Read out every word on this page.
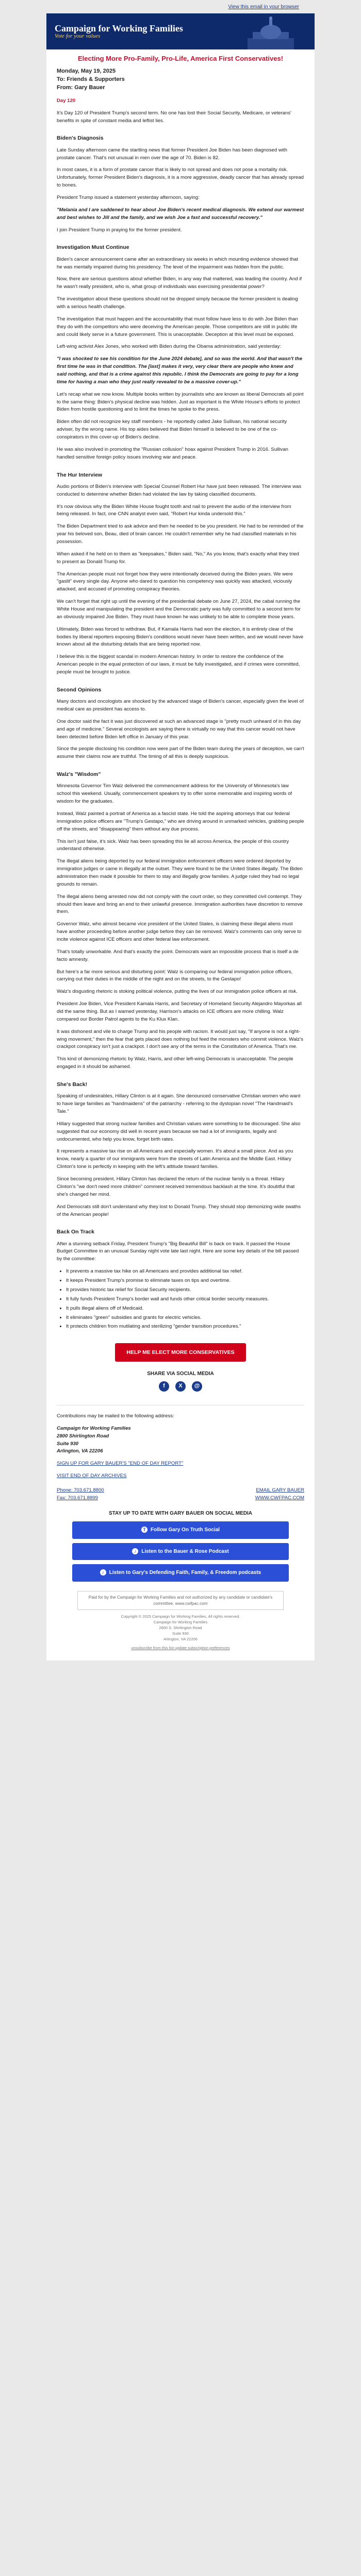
View this email in your browser
Campaign for Working Families
Vote for your values
Electing More Pro-Family, Pro-Life, America First Conservatives!
Monday, May 19, 2025
To: Friends & Supporters
From: Gary Bauer

Day 120

It's Day 120 of President Trump's second term. No one has lost their Social Security, Medicare, or veterans' benefits in spite of constant media and leftist lies.

Biden's Diagnosis

Late Sunday afternoon came the startling news that former President Joe Biden has been diagnosed with prostate cancer. That's not unusual in men over the age of 70. Biden is 82.

In most cases, it is a form of prostate cancer that is likely to not spread and does not pose a mortality risk. Unfortunately, former President Biden's diagnosis, it is a more aggressive, deadly cancer that has already spread to bones.

President Trump issued a statement yesterday afternoon, saying:

"Melania and I are saddened to hear about Joe Biden's recent medical diagnosis. We extend our warmest and best wishes to Jill and the family, and we wish Joe a fast and successful recovery."

I join President Trump in praying for the former president.

Investigation Must Continue

Biden's cancer announcement came after an extraordinary six weeks in which mounting evidence showed that he was mentally impaired during his presidency. The level of the impairment was hidden from the public.

Now, there are serious questions about whether Biden, in any way that mattered, was leading the country. And if he wasn't really president, who is, what group of individuals was exercising presidential power?

The investigation about these questions should not be dropped simply because the former president is dealing with a serious health challenge.

The investigation that must happen and the accountability that must follow have less to do with Joe Biden than they do with the competitors who were deceiving the American people. Those competitors are still in public life and could likely serve in a future government. This is unacceptable. Deception at this level must be exposed.

Left-wing activist Alex Jones, who worked with Biden during the Obama administration, said yesterday:

"I was shocked to see his condition for the June 2024 debate], and so was the world. And that wasn't the first time he was in that condition. The [last] makes it very, very clear there are people who knew and said nothing, and that is a crime against this republic. I think the Democrats are going to pay for a long time for having a man who they just really revealed to be a massive cover-up."

Let's recap what we now know. Multiple books written by journalists who are known as liberal Democrats all point to the same thing: Biden's physical decline was hidden. Just as important is the White House's efforts to protect Biden from hostile questioning and to limit the times he spoke to the press.

Biden often did not recognize key staff members - he reportedly called Jake Sullivan, his national security adviser, by the wrong name. His top aides believed that Biden himself is believed to be one of the co-conspirators in this cover-up of Biden's decline.

He was also involved in promoting the "Russian collusion" hoax against President Trump in 2016. Sullivan handled sensitive foreign policy issues involving war and peace.

The Hur Interview

Audio portions of Biden's interview with Special Counsel Robert Hur have just been released. The interview was conducted to determine whether Biden had violated the law by taking classified documents.

It's now obvious why the Biden White House fought tooth and nail to prevent the audio of the interview from being released. In fact, one CNN analyst even said, "Robert Hur kinda undersold this."

The Biden Department tried to ask advice and then he needed to be you president. He had to be reminded of the year his beloved son, Beau, died of brain cancer. He couldn't remember why he had classified materials in his possession.

When asked if he held on to them as "keepsakes," Biden said, "No," As you know, that's exactly what they tried to present as Donald Trump for.

The American people must not forget how they were intentionally deceived during the Biden years. We were "gaslit" every single day. Anyone who dared to question his competency was quickly was attacked, viciously attacked, and accused of promoting conspiracy theories.

We can't forget that right up until the evening of the presidential debate on June 27, 2024, the cabal running the White House and manipulating the president and the Democratic party was fully committed to a second term for an obviously impaired Joe Biden. They must have known he was unlikely to be able to complete those years.

Ultimately, Biden was forced to withdraw. But, if Kamala Harris had won the election, it is entirely clear of the bodies by liberal reporters exposing Biden's conditions would never have been written, and we would never have known about all the disturbing details that are being reported now.

I believe this is the biggest scandal in modern American history. In order to restore the confidence of the American people in the equal protection of our laws, it must be fully investigated, and if crimes were committed, people must be brought to justice.

Second Opinions

Many doctors and oncologists are shocked by the advanced stage of Biden's cancer, especially given the level of medical care as president has access to.

One doctor said the fact it was just discovered at such an advanced stage is "pretty much unheard of in this day and age of medicine." Several oncologists are saying there is virtually no way that this cancer would not have been detected before Biden left office in January of this year.

Since the people disclosing his condition now were part of the Biden team during the years of deception, we can't assume their claims now are truthful. The timing of all this is deeply suspicious.

Walz's "Wisdom"

Minnesota Governor Tim Walz delivered the commencement address for the University of Minnesota's law school this weekend. Usually, commencement speakers try to offer some memorable and inspiring words of wisdom for the graduates.

Instead, Walz painted a portrait of America as a fascist state. He told the aspiring attorneys that our federal immigration police officers are "Trump's Gestapo," who are driving around in unmarked vehicles, grabbing people off the streets, and "disappearing" them without any due process.

This isn't just false, it's sick. Walz has been spreading this lie all across America, the people of this country understand otherwise.

The illegal aliens being deported by our federal immigration enforcement officers were ordered deported by immigration judges or came in illegally at the outset. They were found to be the United States illegally. The Biden administration then made it possible for them to stay and illegally grow families. A judge ruled they had no legal grounds to remain.

The illegal aliens being arrested now did not comply with the court order, so they committed civil contempt. They should then leave and bring an end to their unlawful presence. Immigration authorities have discretion to remove them.

Governor Walz, who almost became vice president of the United States, is claiming these illegal aliens must have another proceeding before another judge before they can be removed. Walz's comments can only serve to incite violence against ICE officers and other federal law enforcement.

That's totally unworkable. And that's exactly the point. Democrats want an impossible process that is itself a de facto amnesty.

But here's a far more serious and disturbing point: Walz is comparing our federal immigration police officers, carrying out their duties in the middle of the night and on the streets, to the Gestapo!

Walz's disgusting rhetoric is stoking political violence, putting the lives of our immigration police officers at risk.

President Joe Biden, Vice President Kamala Harris, and Secretary of Homeland Security Alejandro Mayorkas all did the same thing. But as I warned yesterday, Harrison's attacks on ICE officers are more chilling. Walz compared our Border Patrol agents to the Ku Klux Klan.

It was dishonest and vile to charge Trump and his people with racism. It would just say, "If anyone is not a right-wing movement," then the fear that gets placed does nothing but feed the monsters who commit violence. Walz's crackpot conspiracy isn't just a crackpot. I don't see any of the terms in the Constitution of America. That's me.

This kind of demonizing rhetoric by Walz, Harris, and other left-wing Democrats is unacceptable. The people engaged in it should be ashamed.

She's Back!

Speaking of undesirables, Hillary Clinton is at it again. She denounced conservative Christian women who want to have large families as "handmaidens" of the patriarchy - referring to the dystopian novel "The Handmaid's Tale."

Hillary suggested that strong nuclear families and Christian values were something to be discouraged. She also suggested that our economy did well in recent years because we had a lot of immigrants, legally and undocumented, who help you know, forget birth rates.

It represents a massive tax rise on all Americans and especially women. It's about a small piece. And as you know, nearly a quarter of our immigrants were from the streets of Latin America and the Middle East. Hillary Clinton's tone is perfectly in keeping with the left's attitude toward families.

Since becoming president, Hillary Clinton has declared the return of the nuclear family is a threat. Hillary Clinton's "we don't need more children" comment received tremendous backlash at the time. It's doubtful that she's changed her mind.

And Democrats still don't understand why they lost to Donald Trump. They should stop demonizing wide swaths of the American people!

Back On Track

After a stunning setback Friday, President Trump's "Big Beautiful Bill" is back on track. It passed the House Budget Committee in an unusual Sunday night vote late last night. Here are some key details of the bill passed by the committee:

• It prevents a massive tax hike on all Americans and provides additional tax relief.
• It keeps President Trump's promise to eliminate taxes on tips and overtime.
• It provides historic tax relief for Social Security recipients.
• It fully funds President Trump's border wall and funds other critical border security measures.
• It pulls illegal aliens off of Medicaid.
• It eliminates "green" subsidies and grants for electric vehicles.
• It protects children from mutilating and sterilizing "gender transition procedures."
HELP ME ELECT MORE CONSERVATIVES
SHARE VIA SOCIAL MEDIA
f	X	@

Contributions may be mailed to the following address:

Campaign for Working Families
2800 Shirlington Road
Suite 930
Arlington, VA 22206

SIGN UP FOR GARY BAUER'S "END OF DAY REPORT"

VISIT END OF DAY ARCHIVES

Phone: 703.671.8800
Fax: 703.671.8899
EMAIL GARY BAUER
WWW.CWFPAC.COM
STAY UP TO DATE WITH GARY BAUER ON SOCIAL MEDIA
T Follow Gary On Truth Social
♪ Listen to the Bauer & Rose Podcast
♪ Listen to Gary's Defending Faith, Family, & Freedom podcasts
Paid for by the Campaign for Working Families and not authorized by any candidate or candidate's committee. www.cwfpac.com
Copyright © 2025 Campaign for Working Families, All rights reserved.
Campaign for Working Families
2800 S. Shirlington Road
Suite 930
Arlington, VA 22206
unsubscribe from this list update subscription preferences
